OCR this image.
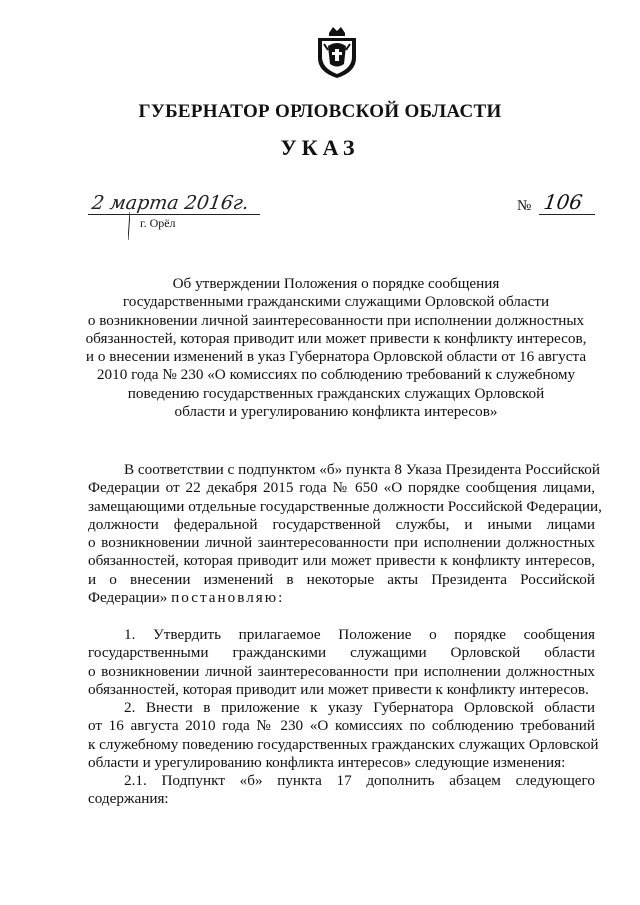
ГУБЕРНАТОР ОРЛОВСКОЙ ОБЛАСТИ
УКАЗ
2 марта 2016г.
г. Орёл
№ 106
Об утверждении Положения о порядке сообщения
государственными гражданскими служащими Орловской области
о возникновении личной заинтересованности при исполнении должностных
обязанностей, которая приводит или может привести к конфликту интересов,
и о внесении изменений в указ Губернатора Орловской области от 16 августа
2010 года № 230 «О комиссиях по соблюдению требований к служебному
поведению государственных гражданских служащих Орловской
области и урегулированию конфликта интересов»
В соответствии с подпунктом «б» пункта 8 Указа Президента Российской
Федерации от 22 декабря 2015 года № 650 «О порядке сообщения лицами,
замещающими отдельные государственные должности Российской Федерации,
должности федеральной государственной службы, и иными лицами
о возникновении личной заинтересованности при исполнении должностных
обязанностей, которая приводит или может привести к конфликту интересов,
и о внесении изменений в некоторые акты Президента Российской
Федерации» постановляю:
1. Утвердить прилагаемое Положение о порядке сообщения
государственными гражданскими служащими Орловской области
о возникновении личной заинтересованности при исполнении должностных
обязанностей, которая приводит или может привести к конфликту интересов.
2. Внести в приложение к указу Губернатора Орловской области
от 16 августа 2010 года № 230 «О комиссиях по соблюдению требований
к служебному поведению государственных гражданских служащих Орловской
области и урегулированию конфликта интересов» следующие изменения:
2.1. Подпункт «б» пункта 17 дополнить абзацем следующего
содержания:
